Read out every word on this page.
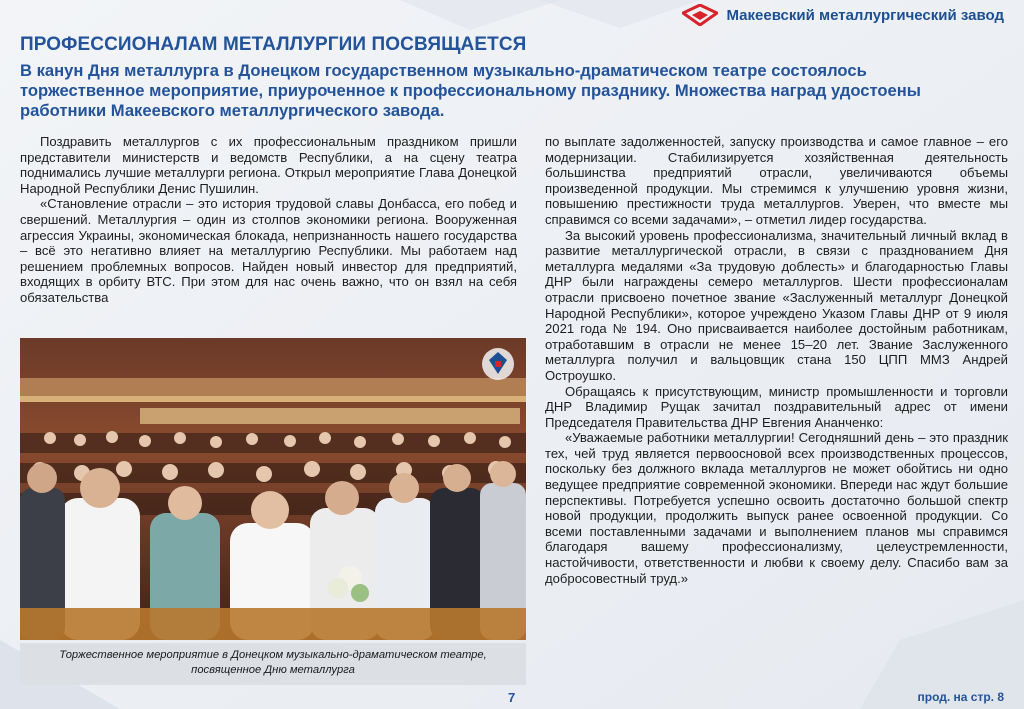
Макеевский металлургический завод
ПРОФЕССИОНАЛАМ МЕТАЛЛУРГИИ ПОСВЯЩАЕТСЯ

В канун Дня металлурга в Донецком государственном музыкально-драматическом театре состоялось торжественное мероприятие, приуроченное к профессиональному празднику. Множества наград удостоены работники Макеевского металлургического завода.

Поздравить металлургов с их профессиональным праздником пришли представители министерств и ведомств Республики, а на сцену театра поднимались лучшие металлурги региона. Открыл мероприятие Глава Донецкой Народной Республики Денис Пушилин.

«Становление отрасли – это история трудовой славы Донбасса, его побед и свершений. Металлургия – один из столпов экономики региона. Вооруженная агрессия Украины, экономическая блокада, непризнанность нашего государства – всё это негативно влияет на металлургию Республики. Мы работаем над решением проблемных вопросов. Найден новый инвестор для предприятий, входящих в орбиту ВТС. При этом для нас очень важно, что он взял на себя обязательства

Торжественное мероприятие в Донецком музыкально-драматическом театре,
посвященное Дню металлурга

по выплате задолженностей, запуску производства и самое главное – его модернизации. Стабилизируется хозяйственная деятельность большинства предприятий отрасли, увеличиваются объемы произведенной продукции. Мы стремимся к улучшению уровня жизни, повышению престижности труда металлургов. Уверен, что вместе мы справимся со всеми задачами», – отметил лидер государства.

За высокий уровень профессионализма, значительный личный вклад в развитие металлургической отрасли, в связи с празднованием Дня металлурга медалями «За трудовую доблесть» и благодарностью Главы ДНР были награждены семеро металлургов. Шести профессионалам отрасли присвоено почетное звание «Заслуженный металлург Донецкой Народной Республики», которое учреждено Указом Главы ДНР от 9 июля 2021 года № 194. Оно присваивается наиболее достойным работникам, отработавшим в отрасли не менее 15–20 лет. Звание Заслуженного металлурга получил и вальцовщик стана 150 ЦПП ММЗ Андрей Остроушко.

Обращаясь к присутствующим, министр промышленности и торговли ДНР Владимир Рущак зачитал поздравительный адрес от имени Председателя Правительства ДНР Евгения Ананченко:

«Уважаемые работники металлургии! Сегодняшний день – это праздник тех, чей труд является первоосновой всех производственных процессов, поскольку без должного вклада металлургов не может обойтись ни одно ведущее предприятие современной экономики. Впереди нас ждут большие перспективы. Потребуется успешно освоить достаточно большой спектр новой продукции, продолжить выпуск ранее освоенной продукции. Со всеми поставленными задачами и выполнением планов мы справимся благодаря вашему профессионализму, целеустремленности, настойчивости, ответственности и любви к своему делу. Спасибо вам за добросовестный труд.»

7	прод. на стр. 8
